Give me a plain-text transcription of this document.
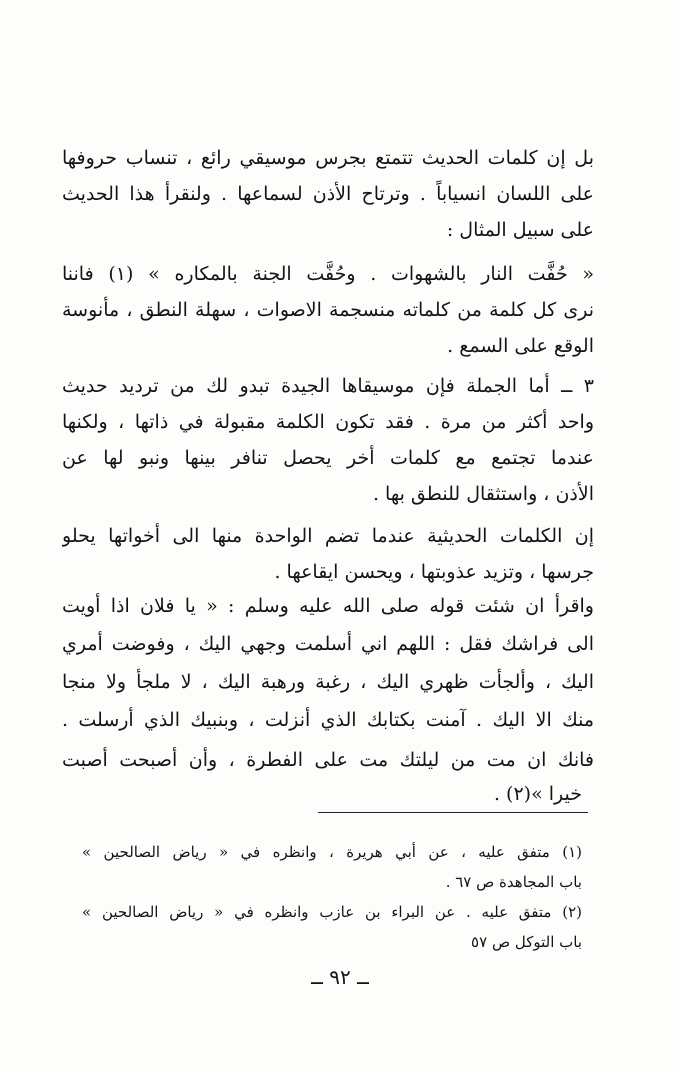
بل إن كلمات الحديث تتمتع بجرس موسيقي رائع ، تنساب حروفها
على اللسان انسياباً . وترتاح الأذن لسماعها . ولنقرأ هذا الحديث
على سبيل المثال :
« حُفَّت النار بالشهوات . وحُفَّت الجنة بالمكاره » (١) فاننا
نرى كل كلمة من كلماته منسجمة الاصوات ، سهلة النطق ، مأنوسة
الوقع على السمع .
٣ ــ أما الجملة فإن موسيقاها الجيدة تبدو لك من ترديد حديث
واحد أكثر من مرة . فقد تكون الكلمة مقبولة في ذاتها ، ولكنها
عندما تجتمع مع كلمات أخر يحصل تنافر بينها ونبو لها عن
الأذن ، واستثقال للنطق بها .
إن الكلمات الحديثية عندما تضم الواحدة منها الى أخواتها يحلو
جرسها ، وتزيد عذوبتها ، ويحسن ايقاعها .
واقرأ ان شئت قوله صلى الله عليه وسلم : « يا فلان اذا أويت
الى فراشك فقل : اللهم اني أسلمت وجهي اليك ، وفوضت أمري
اليك ، وألجأت ظهري اليك ، رغبة ورهبة اليك ، لا ملجأ ولا منجا
منك الا اليك . آمنت بكتابك الذي أنزلت ، وبنبيك الذي أرسلت .
فانك ان مت من ليلتك مت على الفطرة ، وأن أصبحت أصبت
خيرا »(٢) .
(١) متفق عليه ، عن أبي هريرة ، وانظره في « رياض الصالحين »
باب المجاهدة ص ٦٧ .
(٢) متفق عليه . عن البراء بن عازب وانظره في « رياض الصالحين »
باب التوكل ص ٥٧
ــ ٩٢ ــ
